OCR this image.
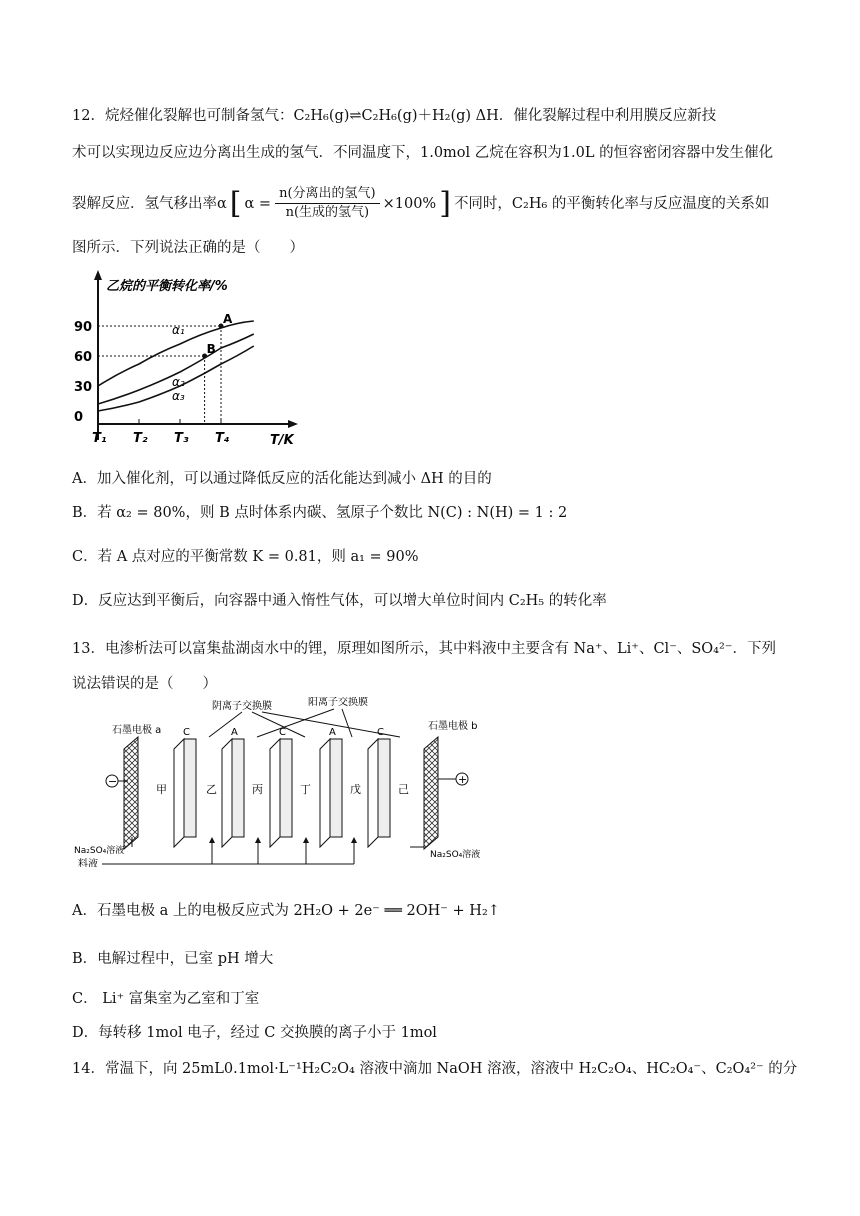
12．烷烃催化裂解也可制备氢气：C₂H₆(g)⇌C₂H₆(g)＋H₂(g) ΔH．催化裂解过程中利用膜反应新技
术可以实现边反应边分离出生成的氢气．不同温度下，1.0mol 乙烷在容积为1.0L 的恒容密闭容器中发生催化
裂解反应．氢气移出率α [ α =
n(分离出的氢气)
n(生成的氢气)
×100% ] 不同时，C₂H₆ 的平衡转化率与反应温度的关系如
图所示．下列说法正确的是（　　）
乙烷的平衡转化率/%
T/K
0
30
60
90
T₁ T₂ T₃ T₄
α₁
α₂
α₃
A
B
A．加入催化剂，可以通过降低反应的活化能达到减小 ΔH 的目的
B．若 α₂ = 80%，则 B 点时体系内碳、氢原子个数比 N(C) : N(H) = 1 : 2
C．若 A 点对应的平衡常数 K = 0.81，则 a₁ = 90%
D．反应达到平衡后，向容器中通入惰性气体，可以增大单位时间内 C₂H₅ 的转化率
13．电渗析法可以富集盐湖卤水中的锂，原理如图所示，其中料液中主要含有 Na⁺、Li⁺、Cl⁻、SO₄²⁻．下列
说法错误的是（　　）
阴离子交换膜	阳离子交换膜
石墨电极 a	石墨电极 b
−	+
C	A	C	A	C
甲	乙	丙	丁	戊	己
Na₂SO₄溶液	Na₂SO₄溶液
料液
A．石墨电极 a 上的电极反应式为 2H₂O + 2e⁻ ══ 2OH⁻ + H₂↑
B．电解过程中，已室 pH 增大
C． Li⁺ 富集室为乙室和丁室
D．每转移 1mol 电子，经过 C 交换膜的离子小于 1mol
14．常温下，向 25mL0.1mol·L⁻¹H₂C₂O₄ 溶液中滴加 NaOH 溶液，溶液中 H₂C₂O₄、HC₂O₄⁻、C₂O₄²⁻ 的分
